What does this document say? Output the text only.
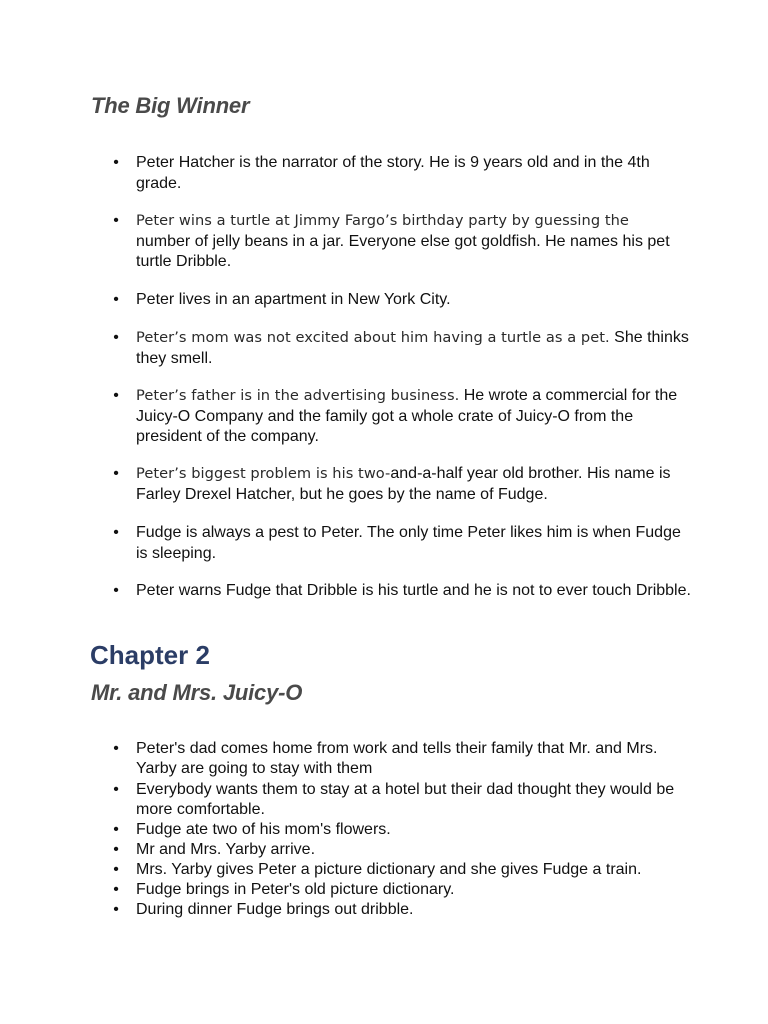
The Big Winner
• Peter Hatcher is the narrator of the story. He is 9 years old and in the 4th grade.
• Peter wins a turtle at Jimmy Fargo’s birthday party by guessing the
number of jelly beans in a jar. Everyone else got goldfish. He names his pet turtle Dribble.
• Peter lives in an apartment in New York City.
• Peter’s mom was not excited about him having a turtle as a pet. She thinks they smell.
• Peter’s father is in the advertising business. He wrote a commercial for the Juicy-O Company and the family got a whole crate of Juicy-O from the president of the company.
• Peter’s biggest problem is his two-and-a-half year old brother. His name is Farley Drexel Hatcher, but he goes by the name of Fudge.
• Fudge is always a pest to Peter. The only time Peter likes him is when Fudge is sleeping.
• Peter warns Fudge that Dribble is his turtle and he is not to ever touch Dribble.
Chapter 2
Mr. and Mrs. Juicy-O
• Peter's dad comes home from work and tells their family that Mr. and Mrs. Yarby are going to stay with them
• Everybody wants them to stay at a hotel but their dad thought they would be more comfortable.
• Fudge ate two of his mom's flowers.
• Mr and Mrs. Yarby arrive.
• Mrs. Yarby gives Peter a picture dictionary and she gives Fudge a train.
• Fudge brings in Peter's old picture dictionary.
• During dinner Fudge brings out dribble.
